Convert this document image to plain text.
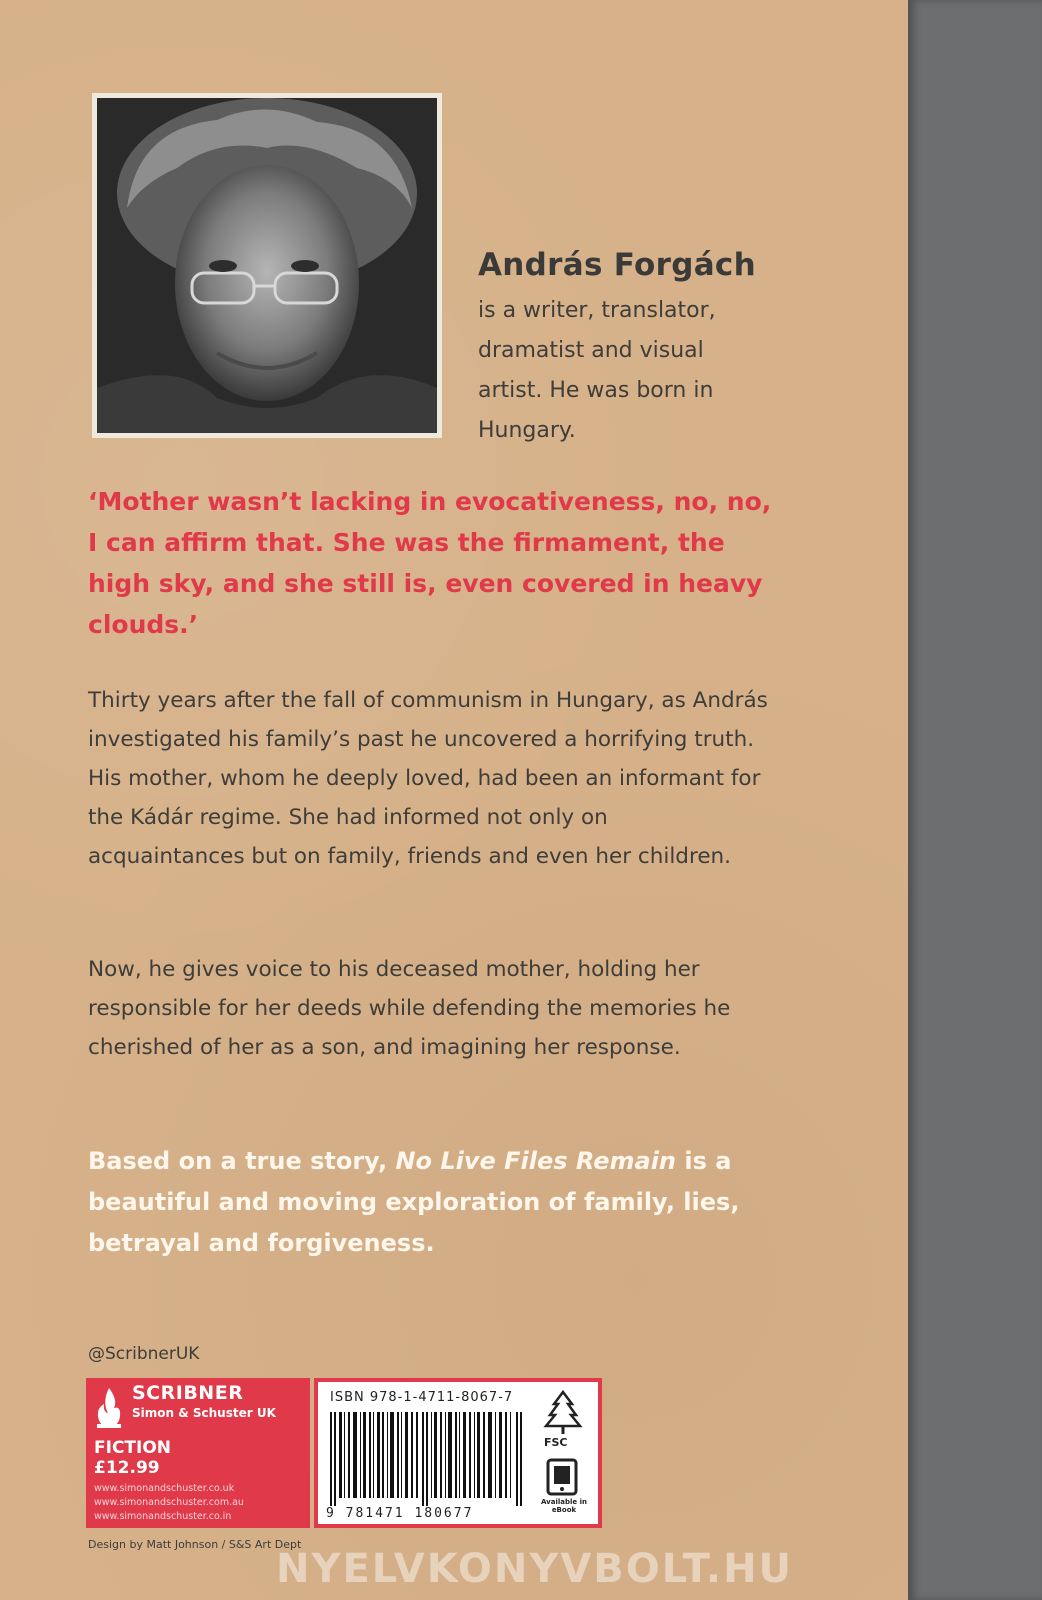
András Forgách

is a writer, translator, dramatist and visual artist. He was born in Hungary.

‘Mother wasn’t lacking in evocativeness, no, no, I can affirm that. She was the firmament, the high sky, and she still is, even covered in heavy clouds.’

Thirty years after the fall of communism in Hungary, as András investigated his family’s past he uncovered a horrifying truth. His mother, whom he deeply loved, had been an informant for the Kádár regime. She had informed not only on acquaintances but on family, friends and even her children.

Now, he gives voice to his deceased mother, holding her responsible for her deeds while defending the memories he cherished of her as a son, and imagining her response.

Based on a true story, No Live Files Remain is a beautiful and moving exploration of family, lies, betrayal and forgiveness.

@ScribnerUK

SCRIBNER
Simon & Schuster UK
FICTION
£12.99
www.simonandschuster.co.uk
www.simonandschuster.com.au
www.simonandschuster.co.in
ISBN 978-1-4711-8067-7
9 781471 180677
FSC
Available in eBook

Design by Matt Johnson / S&S Art Dept

NYELVKONYVBOLT.HU
